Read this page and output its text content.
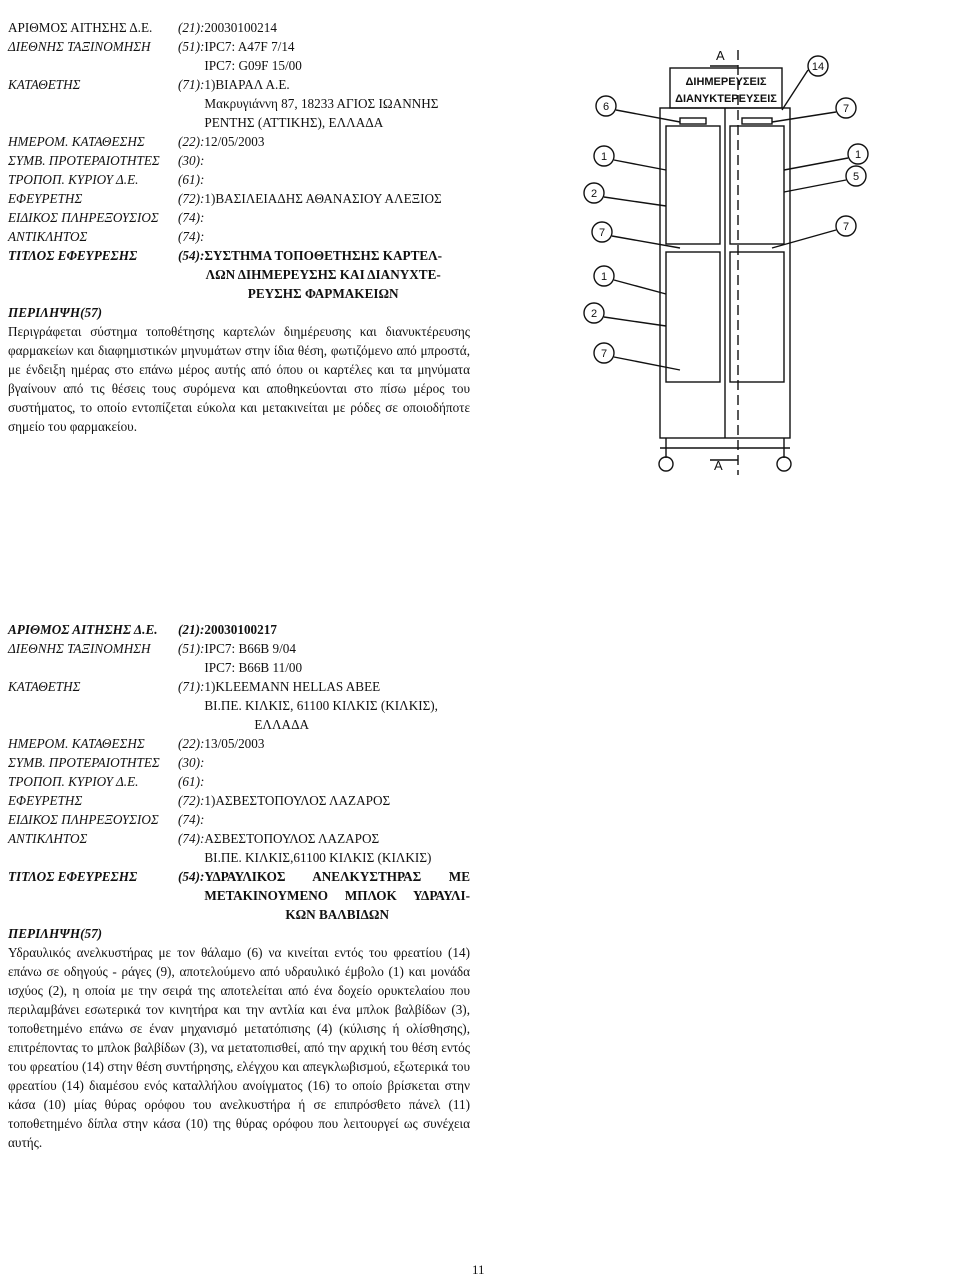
ΑΡΙΘΜΟΣ ΑΙΤΗΣΗΣ Δ.Ε.	(21): 20030100214
ΔΙΕΘΝΗΣ ΤΑΞΙΝΟΜΗΣΗ	(51): IPC7: A47F 7/14
IPC7: G09F 15/00
ΚΑΤΑΘΕΤΗΣ	(71): 1)ΒΙΑΡΑΛ Α.Ε.
Μακρυγιάννη 87, 18233 ΑΓΙΟΣ ΙΩΑΝΝΗΣ
ΡΕΝΤΗΣ (ΑΤΤΙΚΗΣ), ΕΛΛΑΔΑ
ΗΜΕΡΟΜ. ΚΑΤΑΘΕΣΗΣ	(22): 12/05/2003
ΣΥΜΒ. ΠΡΟΤΕΡΑΙΟΤΗΤΕΣ	(30):
ΤΡΟΠΟΠ. ΚΥΡΙΟΥ Δ.Ε.	(61):
ΕΦΕΥΡΕΤΗΣ	(72): 1)ΒΑΣΙΛΕΙΑΔΗΣ ΑΘΑΝΑΣΙΟΥ ΑΛΕΞΙΟΣ
ΕΙΔΙΚΟΣ ΠΛΗΡΕΞΟΥΣΙΟΣ	(74):
ΑΝΤΙΚΛΗΤΟΣ	(74):
ΤΙΤΛΟΣ ΕΦΕΥΡΕΣΗΣ	(54): ΣΥΣΤΗΜΑ ΤΟΠΟΘΕΤΗΣΗΣ ΚΑΡΤΕΛ-
ΛΩΝ ΔΙΗΜΕΡΕΥΣΗΣ ΚΑΙ ΔΙΑΝΥΧΤΕ-
ΡΕΥΣΗΣ ΦΑΡΜΑΚΕΙΩΝ
ΠΕΡΙΛΗΨΗ(57)
Περιγράφεται σύστημα τοποθέτησης καρτελών διημέρευσης και διανυκτέρευσης φαρμακείων και διαφημιστικών μηνυμάτων στην ίδια θέση, φωτιζόμενο από μπροστά, με ένδειξη ημέρας στο επάνω μέρος αυτής από όπου οι καρτέλες και τα μηνύματα βγαίνουν από τις θέσεις τους συρόμενα και αποθηκεύονται στο πίσω μέρος του συστήματος, το οποίο εντοπίζεται εύκολα και μετακινείται με ρόδες σε οποιοδήποτε σημείο του φαρμακείου.
ΔΙΗΜΕΡΕΥΣΕΙΣ
ΔΙΑΝΥΚΤΕΡΕΥΣΕΙΣ
A
A
14
6	7
1	1
5
2
7	7
1
2
7
ΑΡΙΘΜΟΣ ΑΙΤΗΣΗΣ Δ.Ε.	(21): 20030100217
ΔΙΕΘΝΗΣ ΤΑΞΙΝΟΜΗΣΗ	(51): IPC7: B66B 9/04
IPC7: B66B 11/00
ΚΑΤΑΘΕΤΗΣ	(71): 1)KLEEMANN HELLAS ABEE
ΒΙ.ΠΕ. ΚΙΛΚΙΣ, 61100 ΚΙΛΚΙΣ (ΚΙΛΚΙΣ),
ΕΛΛΑΔΑ
ΗΜΕΡΟΜ. ΚΑΤΑΘΕΣΗΣ	(22): 13/05/2003
ΣΥΜΒ. ΠΡΟΤΕΡΑΙΟΤΗΤΕΣ	(30):
ΤΡΟΠΟΠ. ΚΥΡΙΟΥ Δ.Ε.	(61):
ΕΦΕΥΡΕΤΗΣ	(72): 1)ΑΣΒΕΣΤΟΠΟΥΛΟΣ ΛΑΖΑΡΟΣ
ΕΙΔΙΚΟΣ ΠΛΗΡΕΞΟΥΣΙΟΣ	(74):
ΑΝΤΙΚΛΗΤΟΣ	(74): ΑΣΒΕΣΤΟΠΟΥΛΟΣ ΛΑΖΑΡΟΣ
ΒΙ.ΠΕ. ΚΙΛΚΙΣ,61100 ΚΙΛΚΙΣ (ΚΙΛΚΙΣ)
ΤΙΤΛΟΣ ΕΦΕΥΡΕΣΗΣ	(54): ΥΔΡΑΥΛΙΚΟΣ ΑΝΕΛΚΥΣΤΗΡΑΣ ΜΕ
ΜΕΤΑΚΙΝΟΥΜΕΝΟ ΜΠΛΟΚ ΥΔΡΑΥΛΙ-
ΚΩΝ ΒΑΛΒΙΔΩΝ
ΠΕΡΙΛΗΨΗ(57)
Υδραυλικός ανελκυστήρας με τον θάλαμο (6) να κινείται εντός του φρεατίου (14) επάνω σε οδηγούς - ράγες (9), αποτελούμενο από υδραυλικό έμβολο (1) και μονάδα ισχύος (2), η οποία με την σειρά της αποτελείται από ένα δοχείο ορυκτελαίου που περιλαμβάνει εσωτερικά τον κινητήρα και την αντλία και ένα μπλοκ βαλβίδων (3), τοποθετημένο επάνω σε έναν μηχανισμό μετατόπισης (4) (κύλισης ή ολίσθησης), επιτρέποντας το μπλοκ βαλβίδων (3), να μετατοπισθεί, από την αρχική του θέση εντός του φρεατίου (14) στην θέση συντήρησης, ελέγχου και απεγκλωβισμού, εξωτερικά του φρεατίου (14) διαμέσου ενός καταλλήλου ανοίγματος (16) το οποίο βρίσκεται στην κάσα (10) μίας θύρας ορόφου του ανελκυστήρα ή σε επιπρόσθετο πάνελ (11) τοποθετημένο δίπλα στην κάσα (10) της θύρας ορόφου που λειτουργεί ως συνέχεια αυτής.
11
